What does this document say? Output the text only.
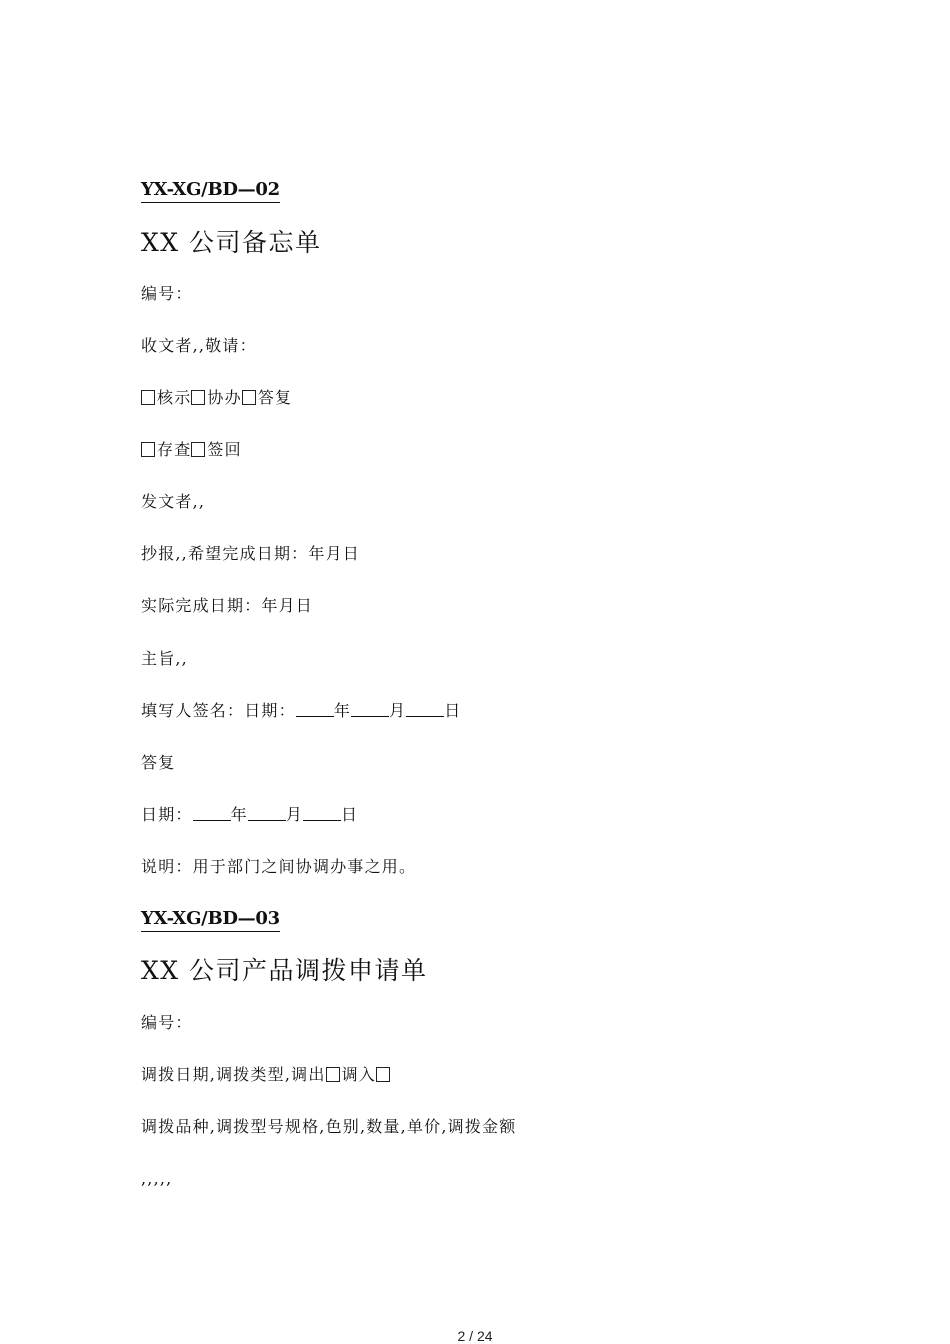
YX-XG/BD—02
XX 公司备忘单
编号：
收文者,,敬请：
核示 协办 答复
存查 签回
发文者,,
抄报,,希望完成日期：年月日
实际完成日期：年月日
主旨,,
填写人签名：日期： 年 月 日
答复
日期： 年 月 日
说明：用于部门之间协调办事之用。
YX-XG/BD—03
XX 公司产品调拨申请单
编号：
调拨日期,调拨类型,调出 调入
调拨品种,调拨型号规格,色别,数量,单价,调拨金额
,,,,,
2 / 24
